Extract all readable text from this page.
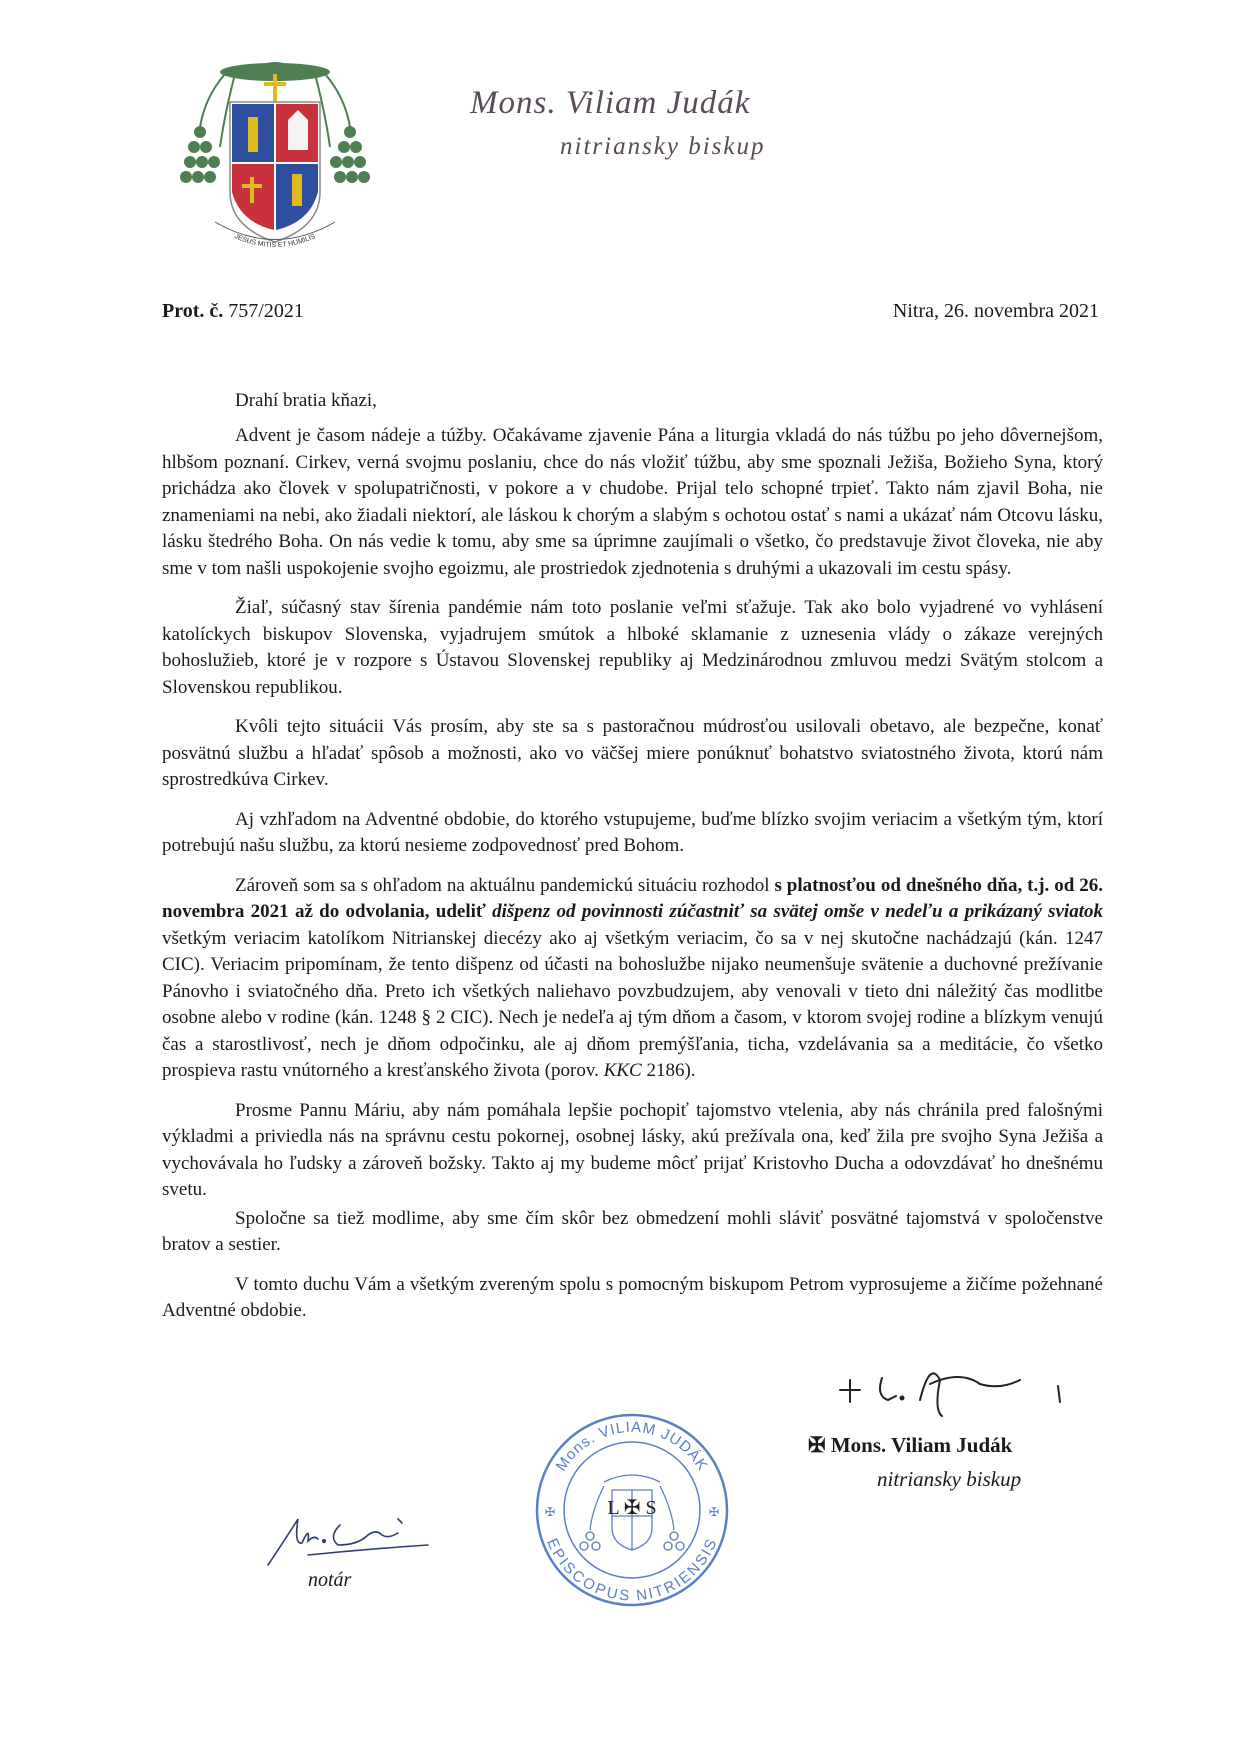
JESUS MITIS ET HUMILIS
Mons. Viliam Judák
nitriansky biskup
Prot. č. 757/2021	Nitra, 26. novembra 2021
Drahí bratia kňazi,

Advent je časom nádeje a túžby. Očakávame zjavenie Pána a liturgia vkladá do nás túžbu po jeho dôvernejšom, hlbšom poznaní. Cirkev, verná svojmu poslaniu, chce do nás vložiť túžbu, aby sme spoznali Ježiša, Božieho Syna, ktorý prichádza ako človek v spolupatričnosti, v pokore a v chudobe. Prijal telo schopné trpieť. Takto nám zjavil Boha, nie znameniami na nebi, ako žiadali niektorí, ale láskou k chorým a slabým s ochotou ostať s nami a ukázať nám Otcovu lásku, lásku štedrého Boha. On nás vedie k tomu, aby sme sa úprimne zaujímali o všetko, čo predstavuje život človeka, nie aby sme v tom našli uspokojenie svojho egoizmu, ale prostriedok zjednotenia s druhými a ukazovali im cestu spásy.

Žiaľ, súčasný stav šírenia pandémie nám toto poslanie veľmi sťažuje. Tak ako bolo vyjadrené vo vyhlásení katolíckych biskupov Slovenska, vyjadrujem smútok a hlboké sklamanie z uznesenia vlády o zákaze verejných bohoslužieb, ktoré je v rozpore s Ústavou Slovenskej republiky aj Medzinárodnou zmluvou medzi Svätým stolcom a Slovenskou republikou.

Kvôli tejto situácii Vás prosím, aby ste sa s pastoračnou múdrosťou usilovali obetavo, ale bezpečne, konať posvätnú službu a hľadať spôsob a možnosti, ako vo väčšej miere ponúknuť bohatstvo sviatostného života, ktorú nám sprostredkúva Cirkev.

Aj vzhľadom na Adventné obdobie, do ktorého vstupujeme, buďme blízko svojim veriacim a všetkým tým, ktorí potrebujú našu službu, za ktorú nesieme zodpovednosť pred Bohom.

Zároveň som sa s ohľadom na aktuálnu pandemickú situáciu rozhodol s platnosťou od dnešného dňa, t.j. od 26. novembra 2021 až do odvolania, udeliť dišpenz od povinnosti zúčastniť sa svätej omše v nedeľu a prikázaný sviatok všetkým veriacim katolíkom Nitrianskej diecézy ako aj všetkým veriacim, čo sa v nej skutočne nachádzajú (kán. 1247 CIC). Veriacim pripomínam, že tento dišpenz od účasti na bohoslužbe nijako neumenšuje svätenie a duchovné prežívanie Pánovho i sviatočného dňa. Preto ich všetkých naliehavo povzbudzujem, aby venovali v tieto dni náležitý čas modlitbe osobne alebo v rodine (kán. 1248 § 2 CIC). Nech je nedeľa aj tým dňom a časom, v ktorom svojej rodine a blízkym venujú čas a starostlivosť, nech je dňom odpočinku, ale aj dňom premýšľania, ticha, vzdelávania sa a meditácie, čo všetko prospieva rastu vnútorného a kresťanského života (porov. KKC 2186).

Prosme Pannu Máriu, aby nám pomáhala lepšie pochopiť tajomstvo vtelenia, aby nás chránila pred falošnými výkladmi a priviedla nás na správnu cestu pokornej, osobnej lásky, akú prežívala ona, keď žila pre svojho Syna Ježiša a vychovávala ho ľudsky a zároveň božsky. Takto aj my budeme môcť prijať Kristovho Ducha a odovzdávať ho dnešnému svetu.

Spoločne sa tiež modlime, aby sme čím skôr bez obmedzení mohli sláviť posvätné tajomstvá v spoločenstve bratov a sestier.

V tomto duchu Vám a všetkým zvereným spolu s pomocným biskupom Petrom vyprosujeme a žičíme požehnané Adventné obdobie.

Mons. VILIAM JUDÁK
EPISCOPUS NITRIENSIS
L ✠ S
✠	✠
✠ Mons. Viliam Judák
nitriansky biskup
notár
